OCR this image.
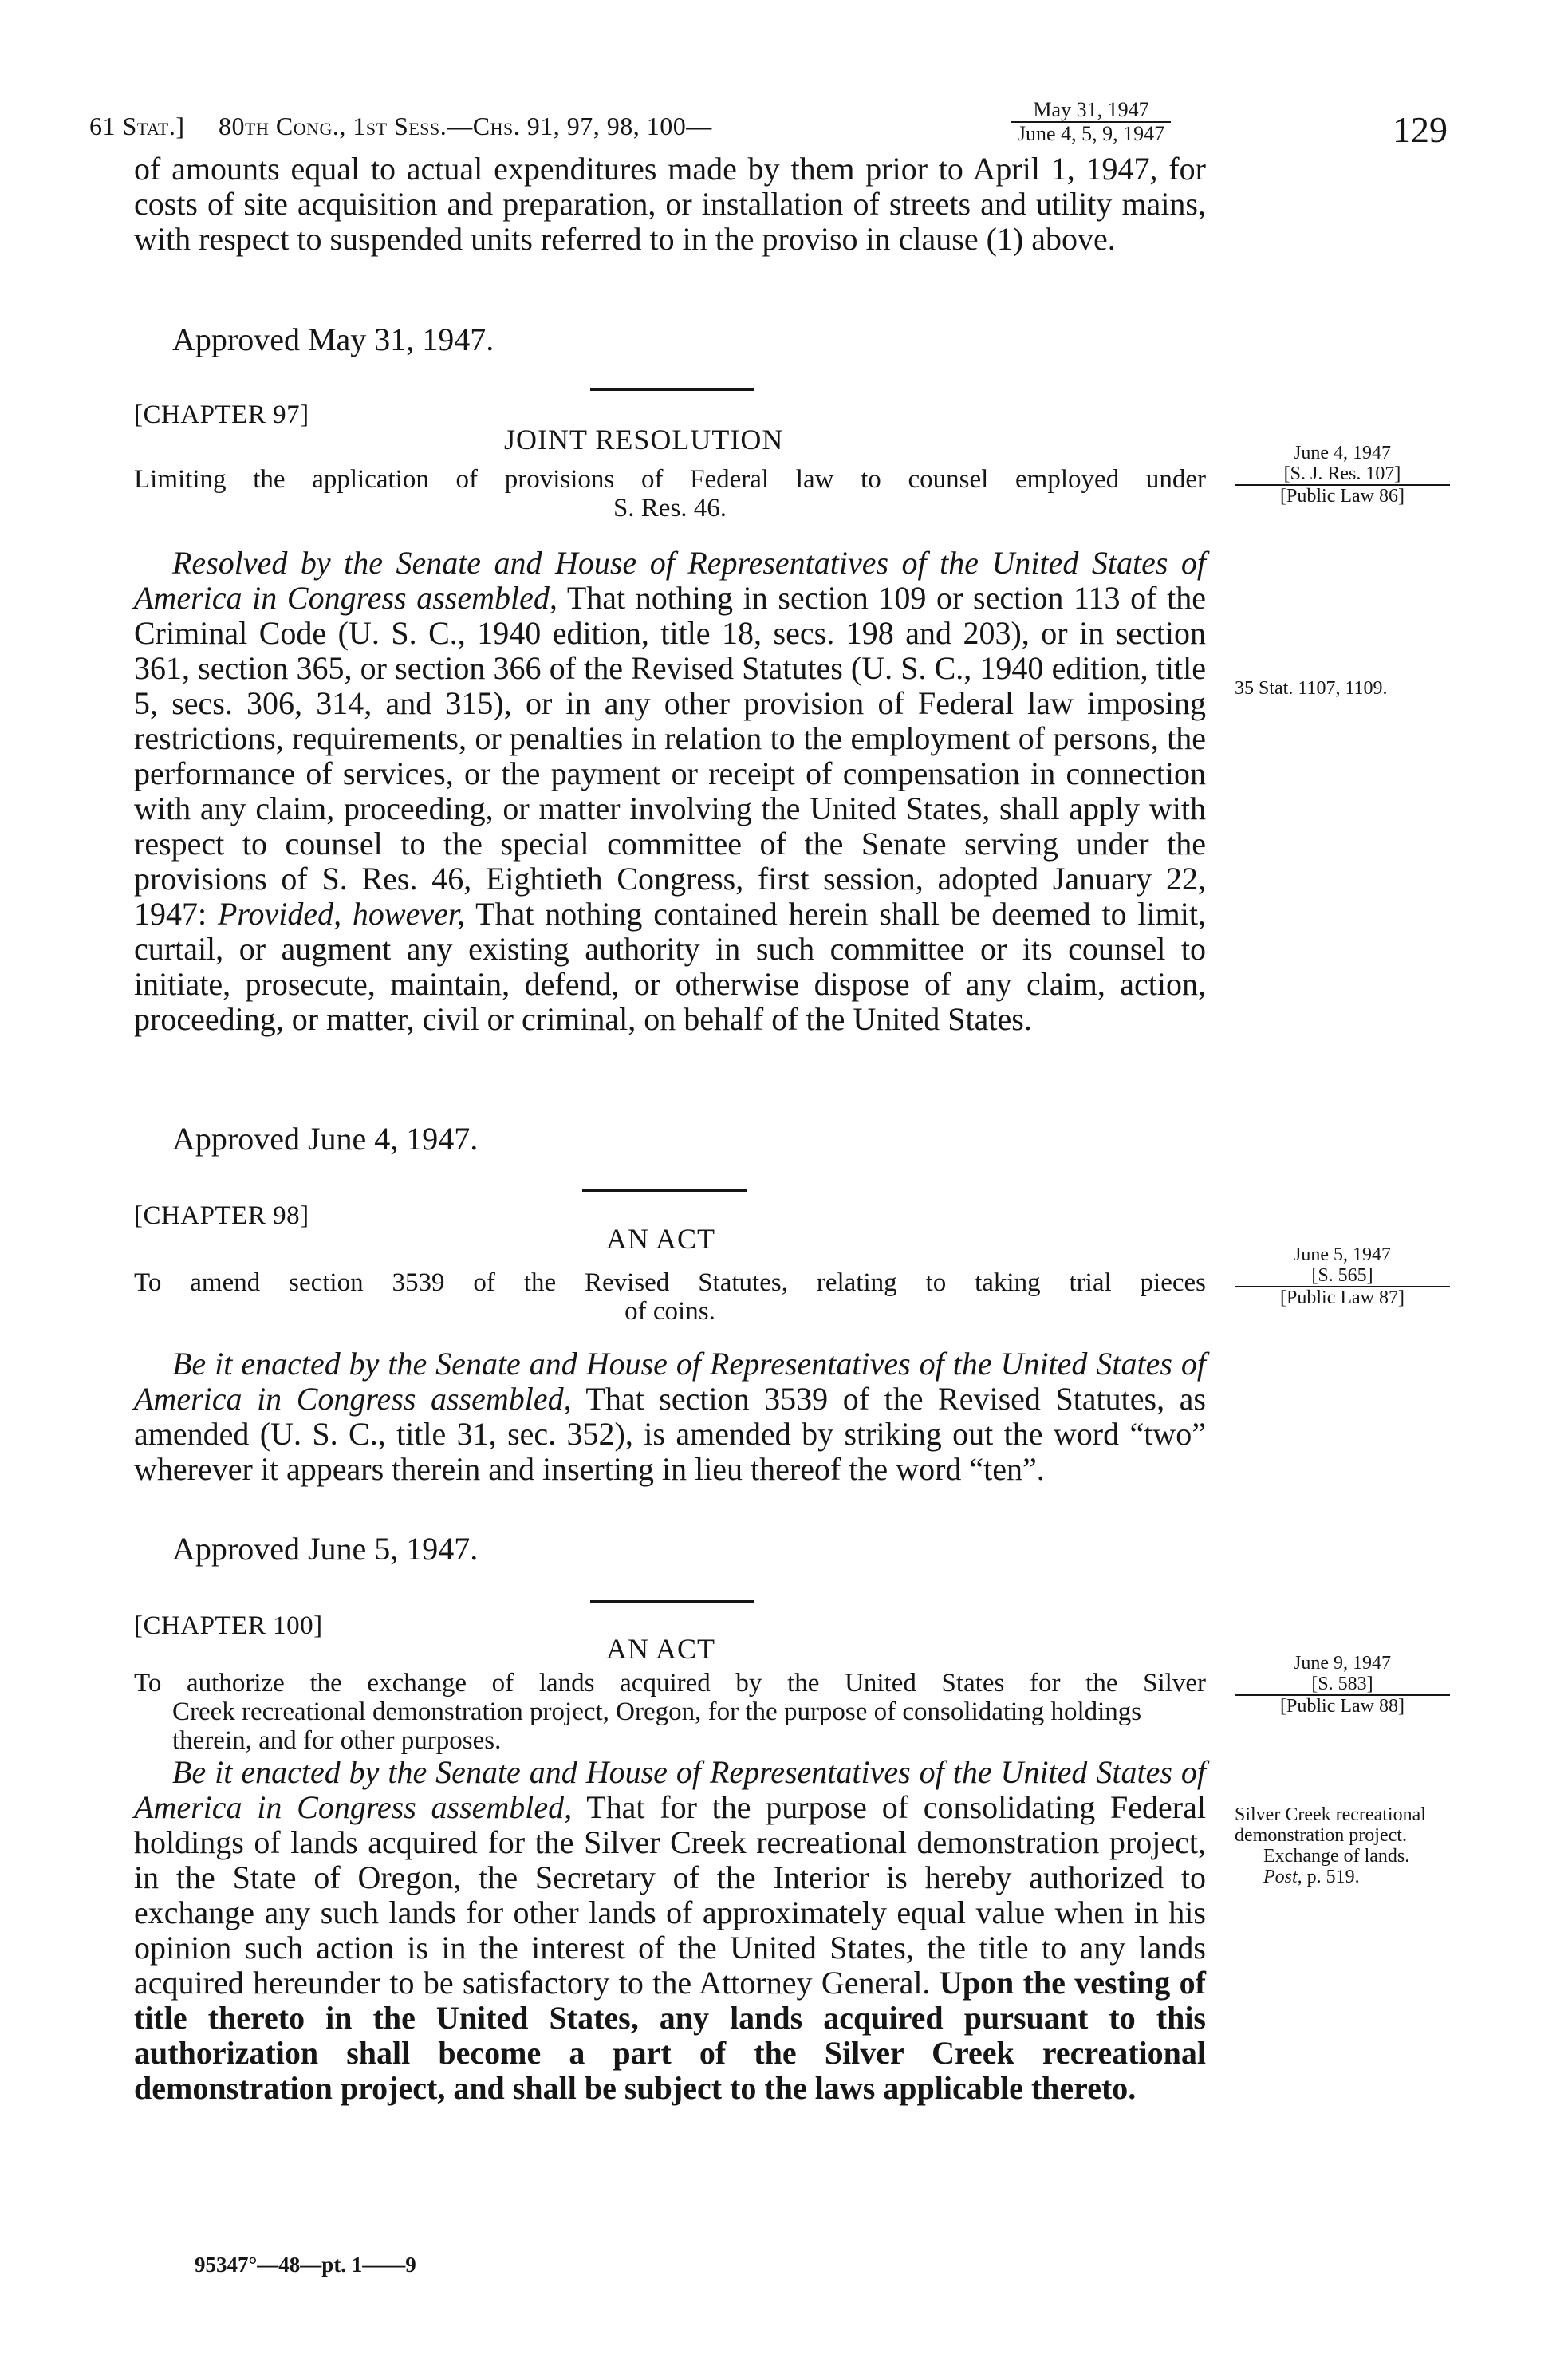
61 Stat.] 80th Cong., 1st Sess.—Chs. 91, 97, 98, 100—
May 31, 1947
June 4, 5, 9, 1947	129

of amounts equal to actual expenditures made by them prior to April 1, 1947, for costs of site acquisition and preparation, or installation of streets and utility mains, with respect to suspended units referred to in the proviso in clause (1) above.

Approved May 31, 1947.
[CHAPTER 97]
JOINT RESOLUTION
Limiting the application of provisions of Federal law to counsel employed under
S. Res. 46.
June 4, 1947
[S. J. Res. 107]
[Public Law 86]
35 Stat. 1107, 1109.

Resolved by the Senate and House of Representatives of the United States of America in Congress assembled, That nothing in section 109 or section 113 of the Criminal Code (U. S. C., 1940 edition, title 18, secs. 198 and 203), or in section 361, section 365, or section 366 of the Revised Statutes (U. S. C., 1940 edition, title 5, secs. 306, 314, and 315), or in any other provision of Federal law imposing restrictions, requirements, or penalties in relation to the employment of persons, the performance of services, or the payment or receipt of compensation in connection with any claim, proceeding, or matter involving the United States, shall apply with respect to counsel to the special committee of the Senate serving under the provisions of S. Res. 46, Eightieth Congress, first session, adopted January 22, 1947: Provided, however, That nothing contained herein shall be deemed to limit, curtail, or augment any existing authority in such committee or its counsel to initiate, prosecute, maintain, defend, or otherwise dispose of any claim, action, proceeding, or matter, civil or criminal, on behalf of the United States.

Approved June 4, 1947.
[CHAPTER 98]
AN ACT
To amend section 3539 of the Revised Statutes, relating to taking trial pieces
of coins.
June 5, 1947
[S. 565]
[Public Law 87]

Be it enacted by the Senate and House of Representatives of the United States of America in Congress assembled, That section 3539 of the Revised Statutes, as amended (U. S. C., title 31, sec. 352), is amended by striking out the word “two” wherever it appears therein and inserting in lieu thereof the word “ten”.

Approved June 5, 1947.
[CHAPTER 100]
AN ACT
To authorize the exchange of lands acquired by the United States for the Silver
Creek recreational demonstration project, Oregon, for the purpose of consolidating holdings therein, and for other purposes.
June 9, 1947
[S. 583]
[Public Law 88]
Silver Creek recreational demonstration project.
Exchange of lands.
Post, p. 519.

Be it enacted by the Senate and House of Representatives of the United States of America in Congress assembled, That for the purpose of consolidating Federal holdings of lands acquired for the Silver Creek recreational demonstration project, in the State of Oregon, the Secretary of the Interior is hereby authorized to exchange any such lands for other lands of approximately equal value when in his opinion such action is in the interest of the United States, the title to any lands acquired hereunder to be satisfactory to the Attorney General. Upon the vesting of title thereto in the United States, any lands acquired pursuant to this authorization shall become a part of the Silver Creek recreational demonstration project, and shall be subject to the laws applicable thereto.

95347°—48—pt. 1——9
